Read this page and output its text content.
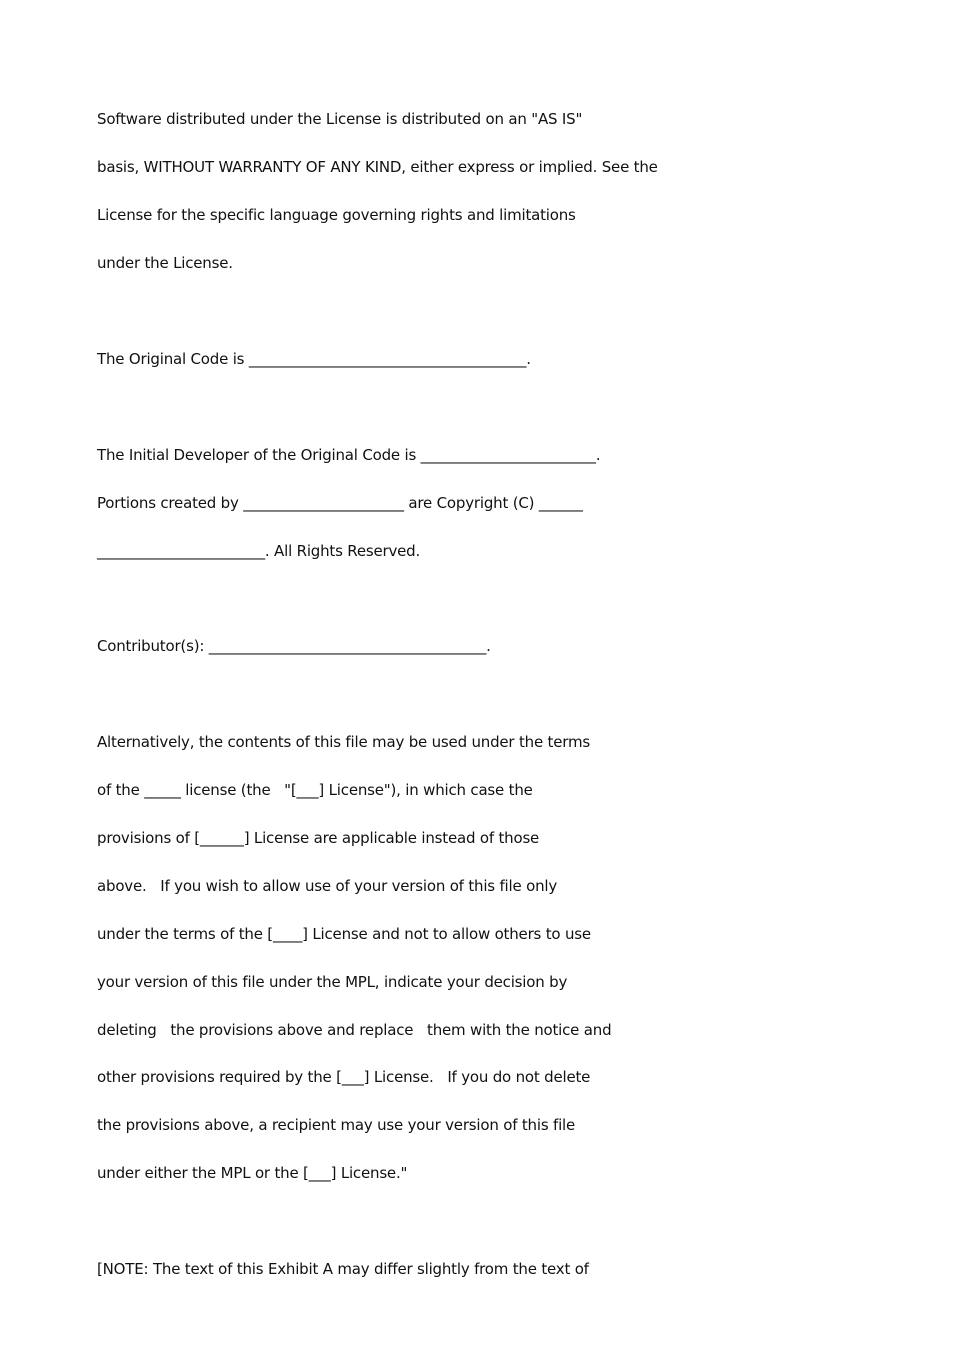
Software distributed under the License is distributed on an "AS IS"
basis, WITHOUT WARRANTY OF ANY KIND, either express or implied. See the
License for the specific language governing rights and limitations
under the License.
The Original Code is ______________________________________.
The Initial Developer of the Original Code is ________________________.
Portions created by ______________________ are Copyright (C) ______
_______________________. All Rights Reserved.
Contributor(s): ______________________________________.
Alternatively, the contents of this file may be used under the terms
of the _____ license (the   "[___] License"), in which case the
provisions of [______] License are applicable instead of those
above.   If you wish to allow use of your version of this file only
under the terms of the [____] License and not to allow others to use
your version of this file under the MPL, indicate your decision by
deleting   the provisions above and replace   them with the notice and
other provisions required by the [___] License.   If you do not delete
the provisions above, a recipient may use your version of this file
under either the MPL or the [___] License."
[NOTE: The text of this Exhibit A may differ slightly from the text of
